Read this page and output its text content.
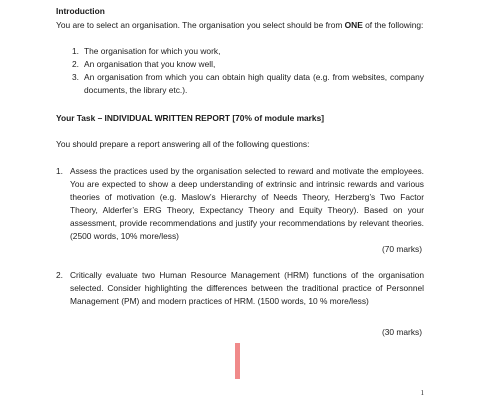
Introduction
You are to select an organisation. The organisation you select should be from ONE of the following:
1. The organisation for which you work,
2. An organisation that you know well,
3. An organisation from which you can obtain high quality data (e.g. from websites, company documents, the library etc.).
Your Task – INDIVIDUAL WRITTEN REPORT [70% of module marks]
You should prepare a report answering all of the following questions:
1. Assess the practices used by the organisation selected to reward and motivate the employees. You are expected to show a deep understanding of extrinsic and intrinsic rewards and various theories of motivation (e.g. Maslow’s Hierarchy of Needs Theory, Herzberg’s Two Factor Theory, Alderfer’s ERG Theory, Expectancy Theory and Equity Theory). Based on your assessment, provide recommendations and justify your recommendations by relevant theories. (2500 words, 10% more/less)
(70 marks)
2. Critically evaluate two Human Resource Management (HRM) functions of the organisation selected. Consider highlighting the differences between the traditional practice of Personnel Management (PM) and modern practices of HRM. (1500 words, 10 % more/less)
(30 marks)
1
